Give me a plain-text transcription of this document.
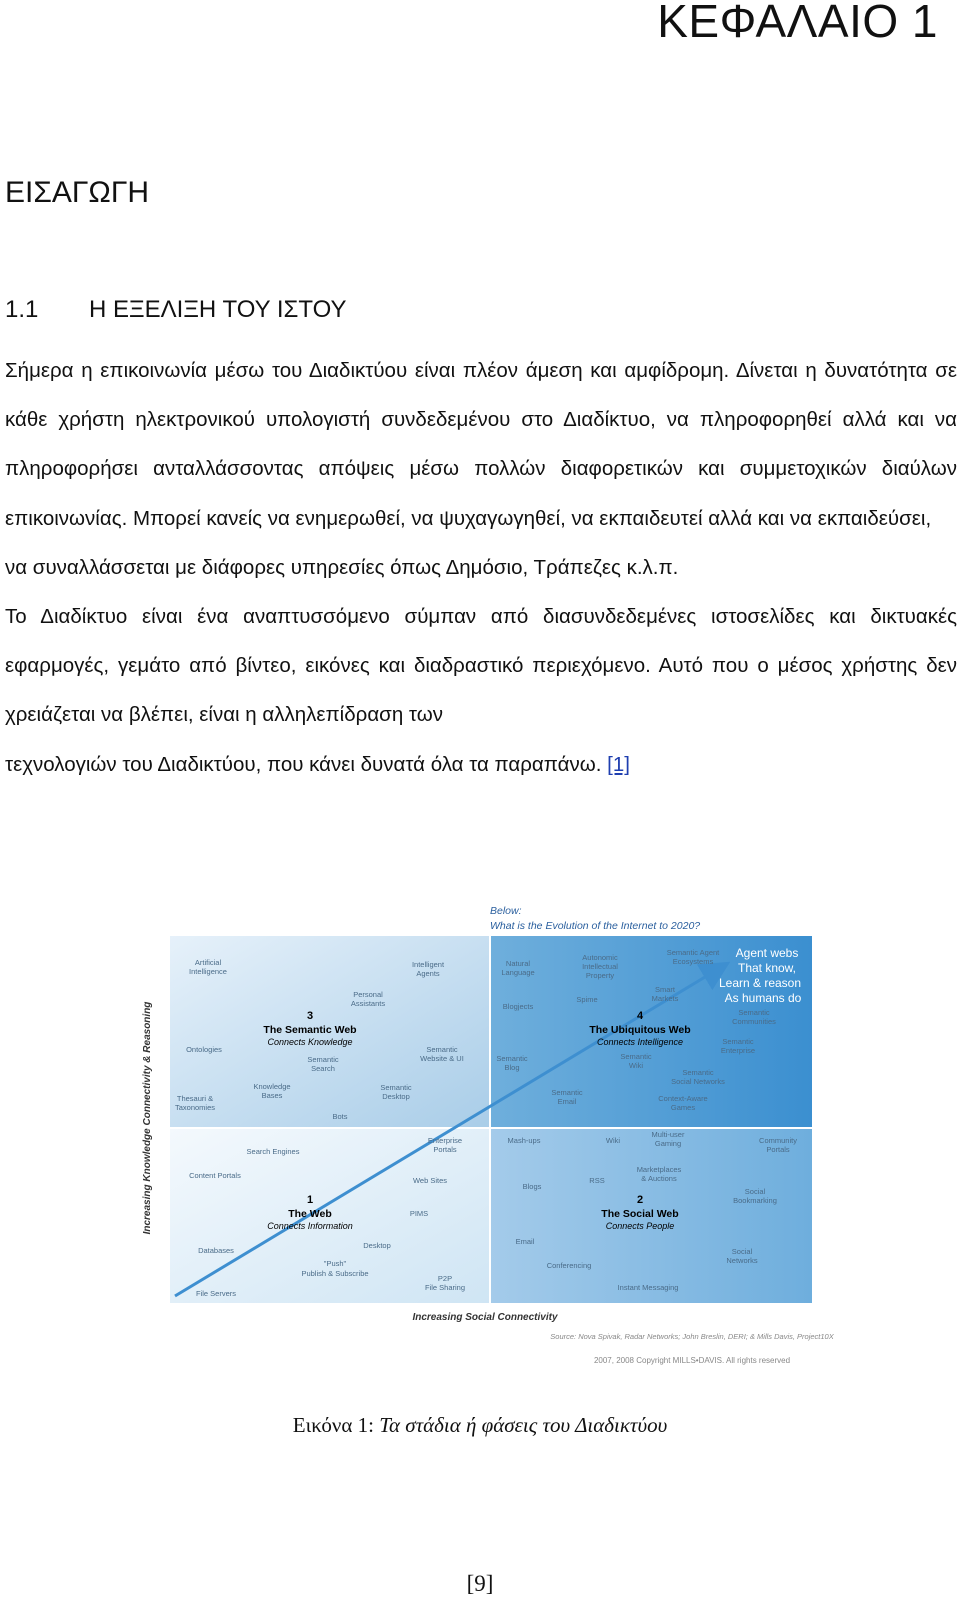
ΚΕΦΑΛΑΙΟ 1
ΕΙΣΑΓΩΓΗ
1.1 Η ΕΞΕΛΙΞΗ ΤΟΥ ΙΣΤΟΥ

Σήμερα η επικοινωνία μέσω του Διαδικτύου είναι πλέον άμεση και αμφίδρομη. Δίνεται η δυνατότητα σε κάθε χρήστη ηλεκτρονικού υπολογιστή συνδεδεμένου στο Διαδίκτυο, να πληροφορηθεί αλλά και να πληροφορήσει ανταλλάσσοντας απόψεις μέσω πολλών διαφορετικών και συμμετοχικών διαύλων επικοινωνίας. Μπορεί κανείς να ενημερωθεί, να ψυχαγωγηθεί, να εκπαιδευτεί αλλά και να εκπαιδεύσει,

να συναλλάσσεται με διάφορες υπηρεσίες όπως Δημόσιο, Τράπεζες κ.λ.π.

Το Διαδίκτυο είναι ένα αναπτυσσόμενο σύμπαν από διασυνδεδεμένες ιστοσελίδες και δικτυακές εφαρμογές, γεμάτο από βίντεο, εικόνες και διαδραστικό περιεχόμενο. Αυτό που ο μέσος χρήστης δεν χρειάζεται να βλέπει, είναι η αλληλεπίδραση των

τεχνολογιών του Διαδικτύου, που κάνει δυνατά όλα τα παραπάνω. [1]

Below:
What is the Evolution of the Internet to 2020?
Increasing Knowledge Connectivity & Reasoning
Artificial
Intelligence
Intelligent
Agents
Personal
Assistants
Ontologies
Semantic
Search
Semantic
Website & UI
Knowledge
Bases
Semantic
Desktop
Thesauri &
Taxonomies
Bots
Natural
Language
Autonomic
Intellectual
Property
Semantic Agent
Ecosystems
Blogjects
Spime
Smart
Markets
Semantic
Communities
Semantic
Blog
Semantic
Wiki
Semantic
Enterprise
Semantic
Social Networks
Semantic
Email	Context-Aware
Games
Search Engines
Enterprise
Portals
Mash-ups	Wiki
Multi-user
Gaming	Community
Portals
Content Portals
Web Sites
Blogs
RSS
Marketplaces
& Auctions
Social
Bookmarking
PIMS
Databases
Desktop	Email
Conferencing
Social
Networks
"Push"
Publish & Subscribe
P2P
File Sharing	Instant Messaging
File Servers
3
The Semantic Web
Connects Knowledge
4
The Ubiquitous Web
Connects Intelligence
1
The Web
Connects Information
2
The Social Web
Connects People
Agent webs
That know,
Learn & reason
As humans do
Increasing Social Connectivity
Source: Nova Spivak, Radar Networks; John Breslin, DERI; & Mills Davis, Project10X
2007, 2008 Copyright MILLS•DAVIS. All rights reserved
Εικόνα 1: Τα στάδια ή φάσεις του Διαδικτύου
[9]
